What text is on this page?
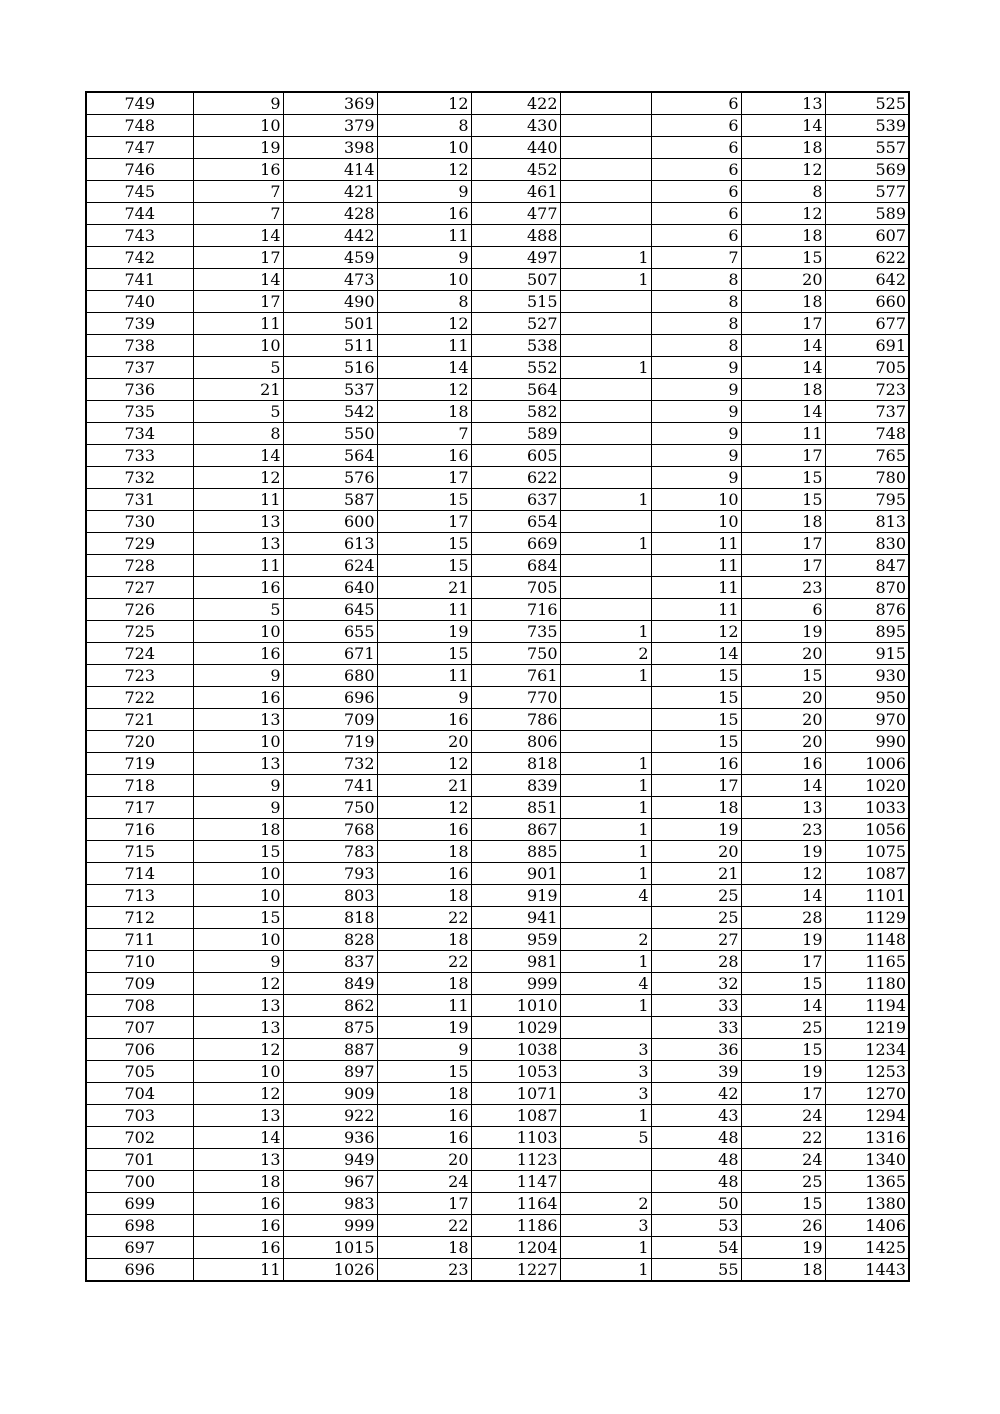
749	9	369	12	422		6	13	525
748	10	379	8	430		6	14	539
747	19	398	10	440		6	18	557
746	16	414	12	452		6	12	569
745	7	421	9	461		6	8	577
744	7	428	16	477		6	12	589
743	14	442	11	488		6	18	607
742	17	459	9	497	1	7	15	622
741	14	473	10	507	1	8	20	642
740	17	490	8	515		8	18	660
739	11	501	12	527		8	17	677
738	10	511	11	538		8	14	691
737	5	516	14	552	1	9	14	705
736	21	537	12	564		9	18	723
735	5	542	18	582		9	14	737
734	8	550	7	589		9	11	748
733	14	564	16	605		9	17	765
732	12	576	17	622		9	15	780
731	11	587	15	637	1	10	15	795
730	13	600	17	654		10	18	813
729	13	613	15	669	1	11	17	830
728	11	624	15	684		11	17	847
727	16	640	21	705		11	23	870
726	5	645	11	716		11	6	876
725	10	655	19	735	1	12	19	895
724	16	671	15	750	2	14	20	915
723	9	680	11	761	1	15	15	930
722	16	696	9	770		15	20	950
721	13	709	16	786		15	20	970
720	10	719	20	806		15	20	990
719	13	732	12	818	1	16	16	1006
718	9	741	21	839	1	17	14	1020
717	9	750	12	851	1	18	13	1033
716	18	768	16	867	1	19	23	1056
715	15	783	18	885	1	20	19	1075
714	10	793	16	901	1	21	12	1087
713	10	803	18	919	4	25	14	1101
712	15	818	22	941		25	28	1129
711	10	828	18	959	2	27	19	1148
710	9	837	22	981	1	28	17	1165
709	12	849	18	999	4	32	15	1180
708	13	862	11	1010	1	33	14	1194
707	13	875	19	1029		33	25	1219
706	12	887	9	1038	3	36	15	1234
705	10	897	15	1053	3	39	19	1253
704	12	909	18	1071	3	42	17	1270
703	13	922	16	1087	1	43	24	1294
702	14	936	16	1103	5	48	22	1316
701	13	949	20	1123		48	24	1340
700	18	967	24	1147		48	25	1365
699	16	983	17	1164	2	50	15	1380
698	16	999	22	1186	3	53	26	1406
697	16	1015	18	1204	1	54	19	1425
696	11	1026	23	1227	1	55	18	1443
